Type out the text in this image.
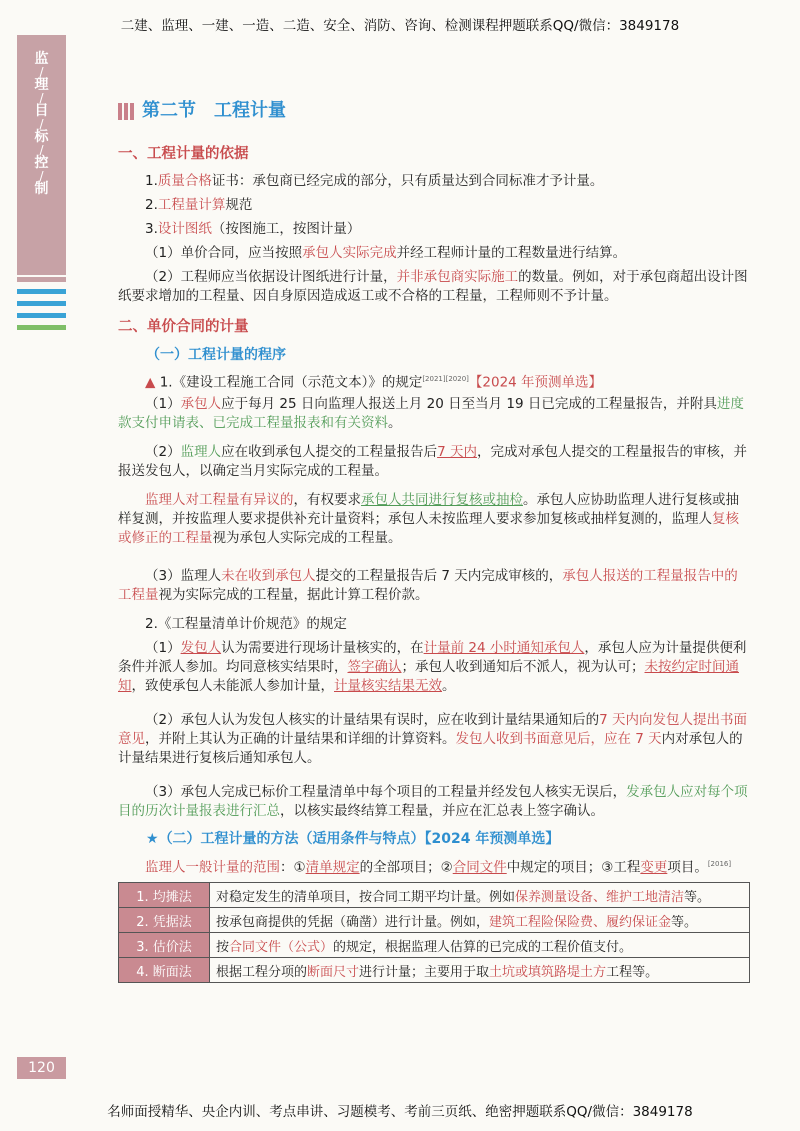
二建、监理、一建、一造、二造、安全、消防、咨询、检测课程押题联系QQ/微信：3849178
监
/
理
/
目
/
标
/
控
/
制
第二节　工程计量
一、工程计量的依据
1.质量合格证书：承包商已经完成的部分，只有质量达到合同标准才予计量。
2.工程量计算规范
3.设计图纸（按图施工，按图计量）
（1）单价合同，应当按照承包人实际完成并经工程师计量的工程数量进行结算。
（2）工程师应当依据设计图纸进行计量，并非承包商实际施工的数量。例如，对于承包商超出设计图纸要求增加的工程量、因自身原因造成返工或不合格的工程量，工程师则不予计量。
二、单价合同的计量
（一）工程计量的程序
▲ 1.《建设工程施工合同（示范文本）》的规定[2021][2020]【2024 年预测单选】
（1）承包人应于每月 25 日向监理人报送上月 20 日至当月 19 日已完成的工程量报告，并附具进度款支付申请表、已完成工程量报表和有关资料。
（2）监理人应在收到承包人提交的工程量报告后7 天内，完成对承包人提交的工程量报告的审核，并报送发包人，以确定当月实际完成的工程量。
监理人对工程量有异议的，有权要求承包人共同进行复核或抽检。承包人应协助监理人进行复核或抽样复测，并按监理人要求提供补充计量资料；承包人未按监理人要求参加复核或抽样复测的，监理人复核或修正的工程量视为承包人实际完成的工程量。
（3）监理人未在收到承包人提交的工程量报告后 7 天内完成审核的，承包人报送的工程量报告中的工程量视为实际完成的工程量，据此计算工程价款。
2.《工程量清单计价规范》的规定
（1）发包人认为需要进行现场计量核实的，在计量前 24 小时通知承包人，承包人应为计量提供便利条件并派人参加。均同意核实结果时，签字确认；承包人收到通知后不派人，视为认可；未按约定时间通知，致使承包人未能派人参加计量，计量核实结果无效。
（2）承包人认为发包人核实的计量结果有误时，应在收到计量结果通知后的7 天内向发包人提出书面意见，并附上其认为正确的计量结果和详细的计算资料。发包人收到书面意见后，应在 7 天内对承包人的计量结果进行复核后通知承包人。
（3）承包人完成已标价工程量清单中每个项目的工程量并经发包人核实无误后，发承包人应对每个项目的历次计量报表进行汇总，以核实最终结算工程量，并应在汇总表上签字确认。
★（二）工程计量的方法（适用条件与特点）【2024 年预测单选】
监理人一般计量的范围：①清单规定的全部项目；②合同文件中规定的项目；③工程变更项目。[2016]
1. 均摊法	对稳定发生的清单项目，按合同工期平均计量。例如保养测量设备、维护工地清洁等。
2. 凭据法	按承包商提供的凭据（确凿）进行计量。例如，建筑工程险保险费、履约保证金等。
3. 估价法	按合同文件（公式）的规定，根据监理人估算的已完成的工程价值支付。
4. 断面法	根据工程分项的断面尺寸进行计量；主要用于取土坑或填筑路堤土方工程等。
120
名师面授精华、央企内训、考点串讲、习题模考、考前三页纸、绝密押题联系QQ/微信：3849178
